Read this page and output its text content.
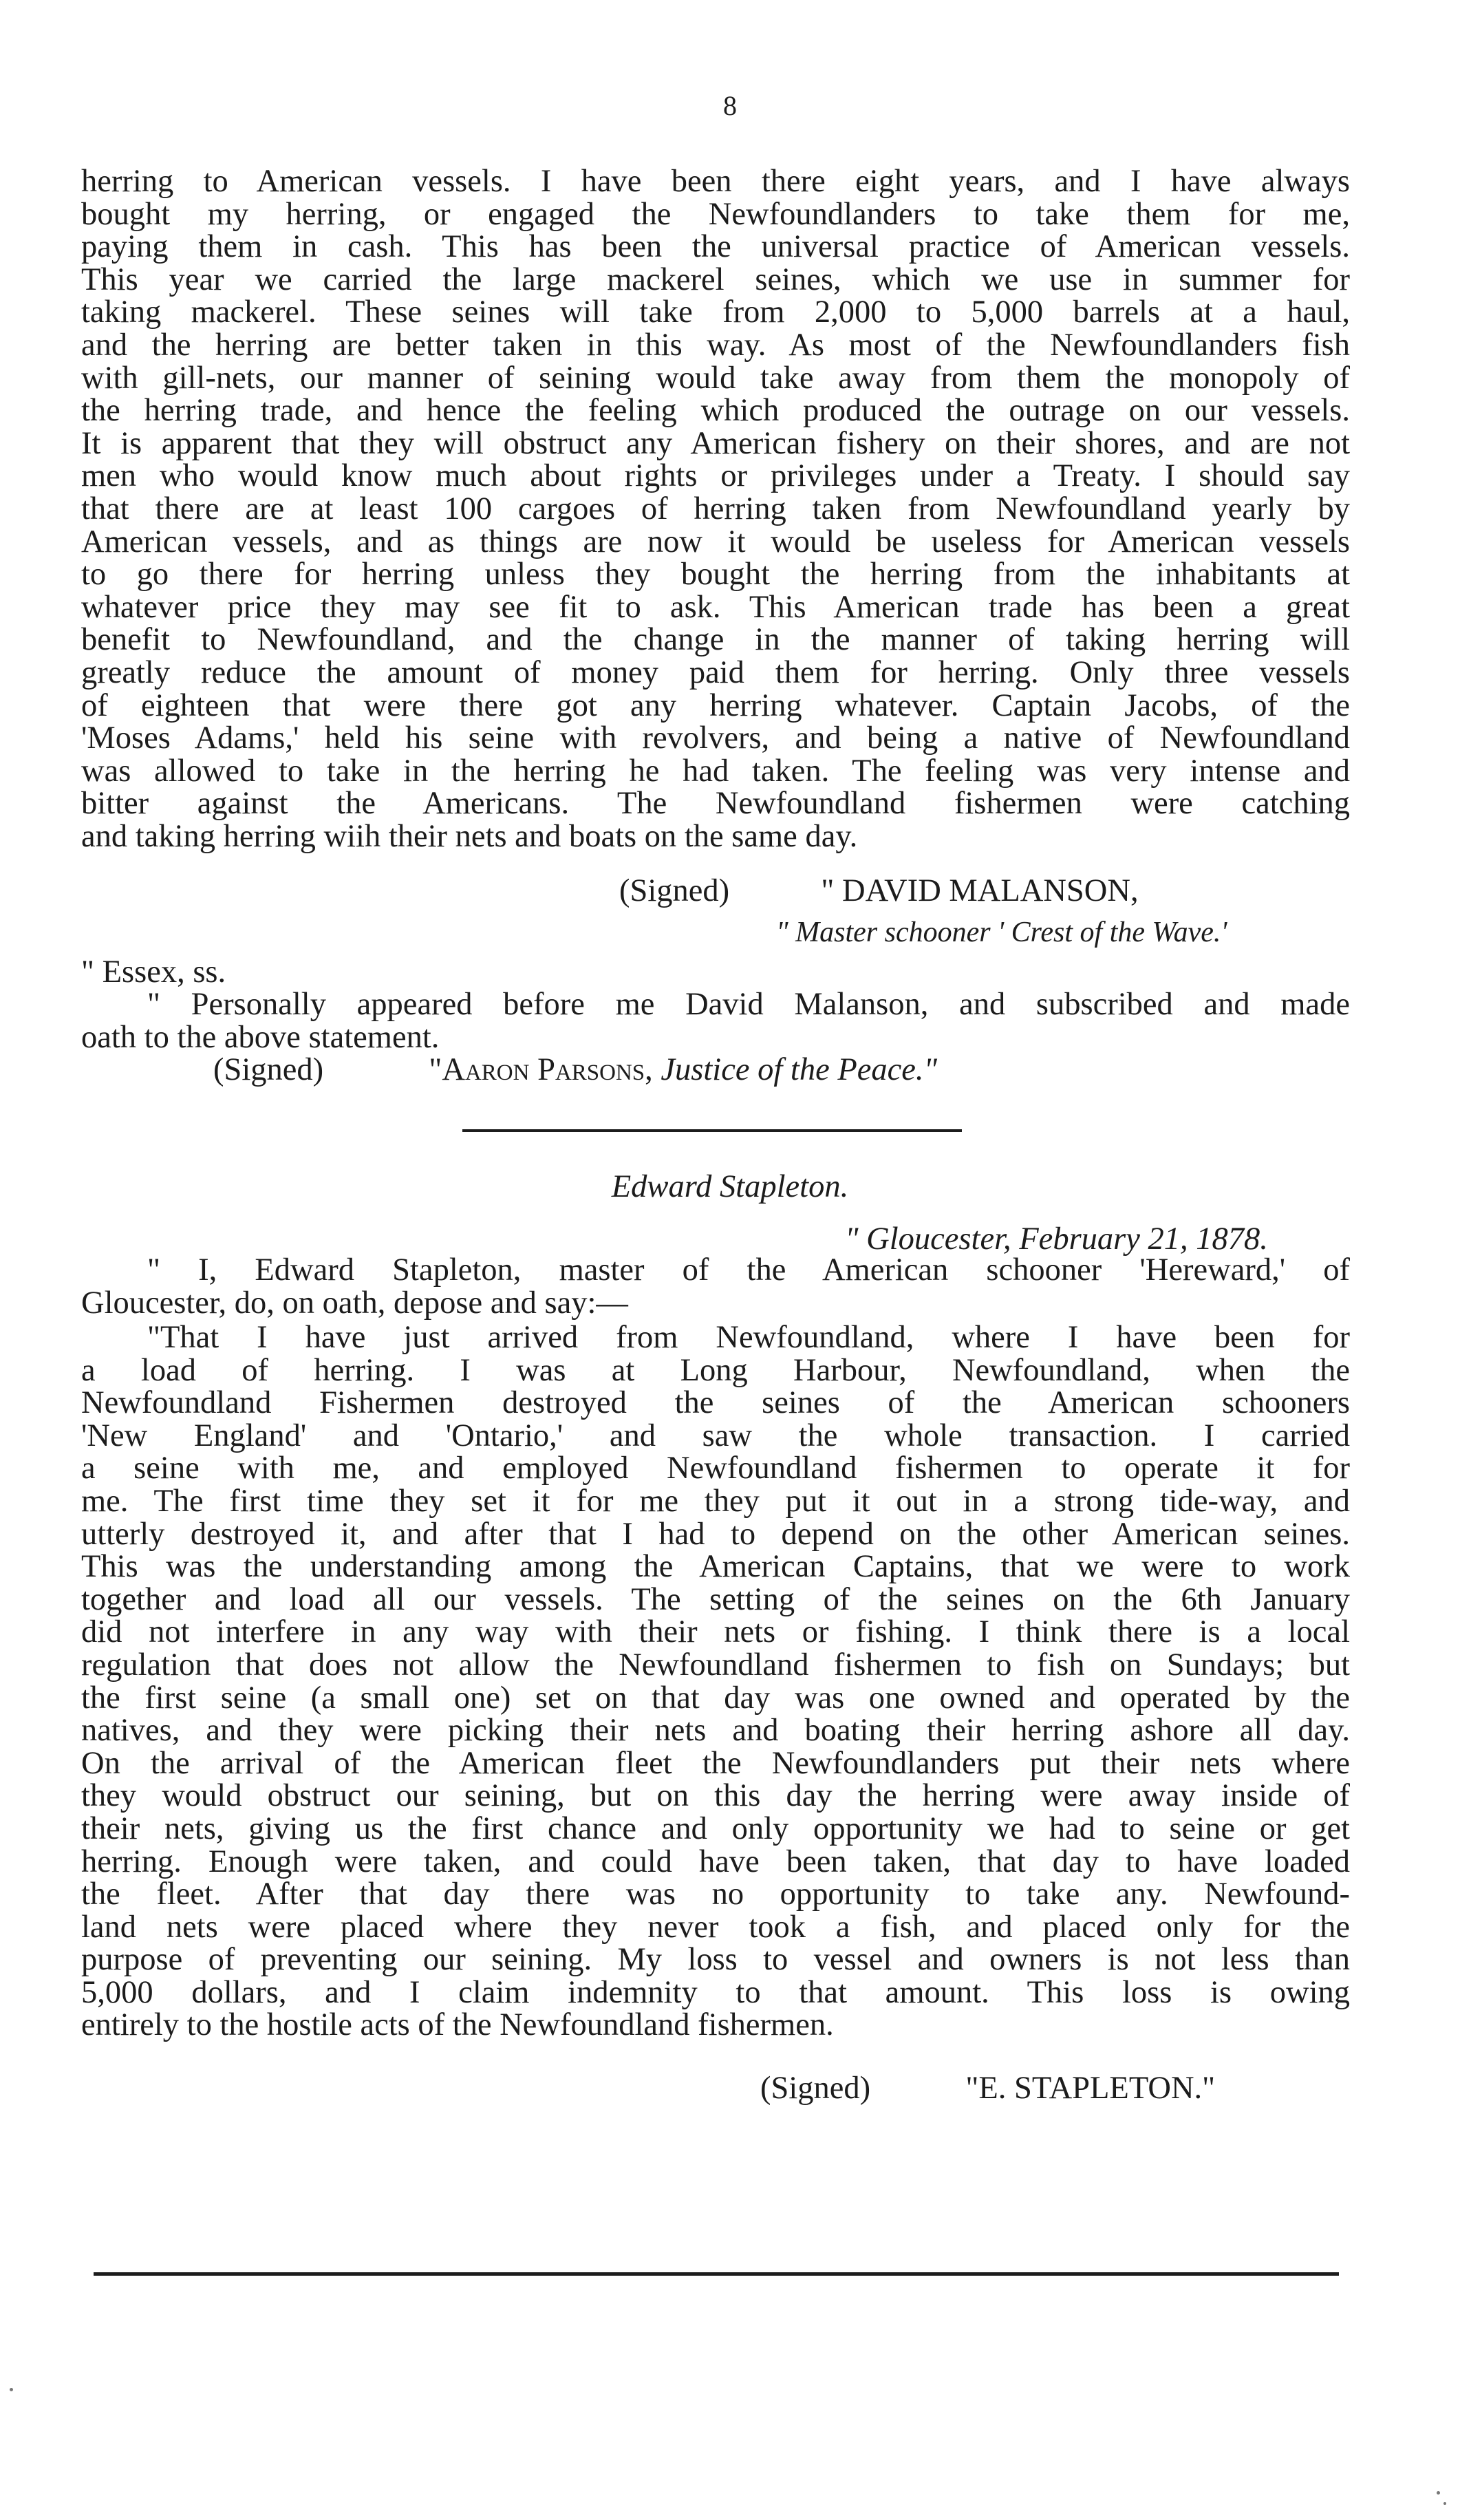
8
herring to American vessels. I have been there eight years, and I have always
bought my herring, or engaged the Newfoundlanders to take them for me,
paying them in cash. This has been the universal practice of American vessels.
This year we carried the large mackerel seines, which we use in summer for
taking mackerel. These seines will take from 2,000 to 5,000 barrels at a haul,
and the herring are better taken in this way. As most of the Newfoundlanders fish
with gill-nets, our manner of seining would take away from them the monopoly of
the herring trade, and hence the feeling which produced the outrage on our vessels.
It is apparent that they will obstruct any American fishery on their shores, and are not
men who would know much about rights or privileges under a Treaty. I should say
that there are at least 100 cargoes of herring taken from Newfoundland yearly by
American vessels, and as things are now it would be useless for American vessels
to go there for herring unless they bought the herring from the inhabitants at
whatever price they may see fit to ask. This American trade has been a great
benefit to Newfoundland, and the change in the manner of taking herring will
greatly reduce the amount of money paid them for herring. Only three vessels
of eighteen that were there got any herring whatever. Captain Jacobs, of the
'Moses Adams,' held his seine with revolvers, and being a native of Newfoundland
was allowed to take in the herring he had taken. The feeling was very intense and
bitter against the Americans. The Newfoundland fishermen were catching
and taking herring wiih their nets and boats on the same day.
(Signed)	" DAVID MALANSON,
" Master schooner ' Crest of the Wave.'
" Essex, ss.
" Personally appeared before me David Malanson, and subscribed and made
oath to the above statement.
(Signed)	"Aaron Parsons, Justice of the Peace."
Edward Stapleton.
" Gloucester, February 21, 1878.
" I, Edward Stapleton, master of the American schooner 'Hereward,' of
Gloucester, do, on oath, depose and say:—
"That I have just arrived from Newfoundland, where I have been for
a load of herring. I was at Long Harbour, Newfoundland, when the
Newfoundland Fishermen destroyed the seines of the American schooners
'New England' and 'Ontario,' and saw the whole transaction. I carried
a seine with me, and employed Newfoundland fishermen to operate it for
me. The first time they set it for me they put it out in a strong tide-way, and
utterly destroyed it, and after that I had to depend on the other American seines.
This was the understanding among the American Captains, that we were to work
together and load all our vessels. The setting of the seines on the 6th January
did not interfere in any way with their nets or fishing. I think there is a local
regulation that does not allow the Newfoundland fishermen to fish on Sundays; but
the first seine (a small one) set on that day was one owned and operated by the
natives, and they were picking their nets and boating their herring ashore all day.
On the arrival of the American fleet the Newfoundlanders put their nets where
they would obstruct our seining, but on this day the herring were away inside of
their nets, giving us the first chance and only opportunity we had to seine or get
herring. Enough were taken, and could have been taken, that day to have loaded
the fleet. After that day there was no opportunity to take any. Newfound-
land nets were placed where they never took a fish, and placed only for the
purpose of preventing our seining. My loss to vessel and owners is not less than
5,000 dollars, and I claim indemnity to that amount. This loss is owing
entirely to the hostile acts of the Newfoundland fishermen.
(Signed)	"E. STAPLETON."
